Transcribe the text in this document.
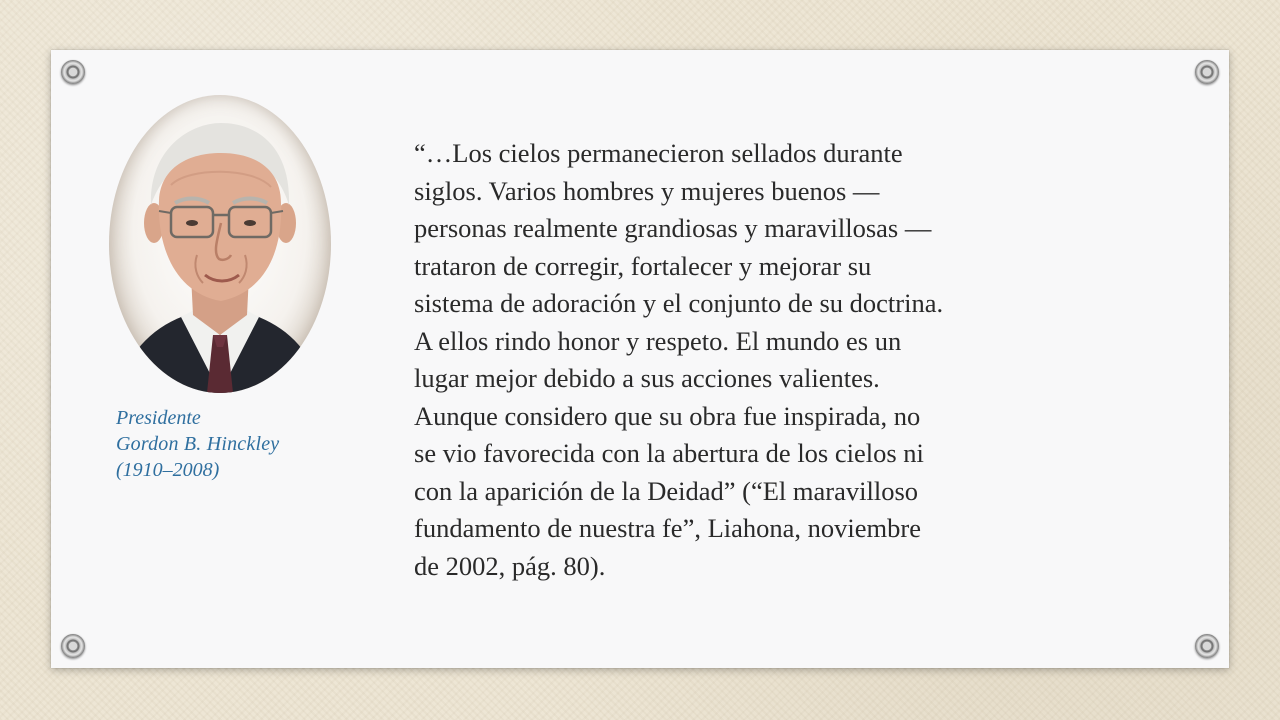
Presidente
Gordon B. Hinckley
(1910–2008)
“…Los cielos permanecieron sellados durante
siglos. Varios hombres y mujeres buenos —
personas realmente grandiosas y maravillosas —
trataron de corregir, fortalecer y mejorar su
sistema de adoración y el conjunto de su doctrina.
A ellos rindo honor y respeto. El mundo es un
lugar mejor debido a sus acciones valientes.
Aunque considero que su obra fue inspirada, no
se vio favorecida con la abertura de los cielos ni
con la aparición de la Deidad” (“El maravilloso
fundamento de nuestra fe”, Liahona, noviembre
de 2002, pág. 80).
